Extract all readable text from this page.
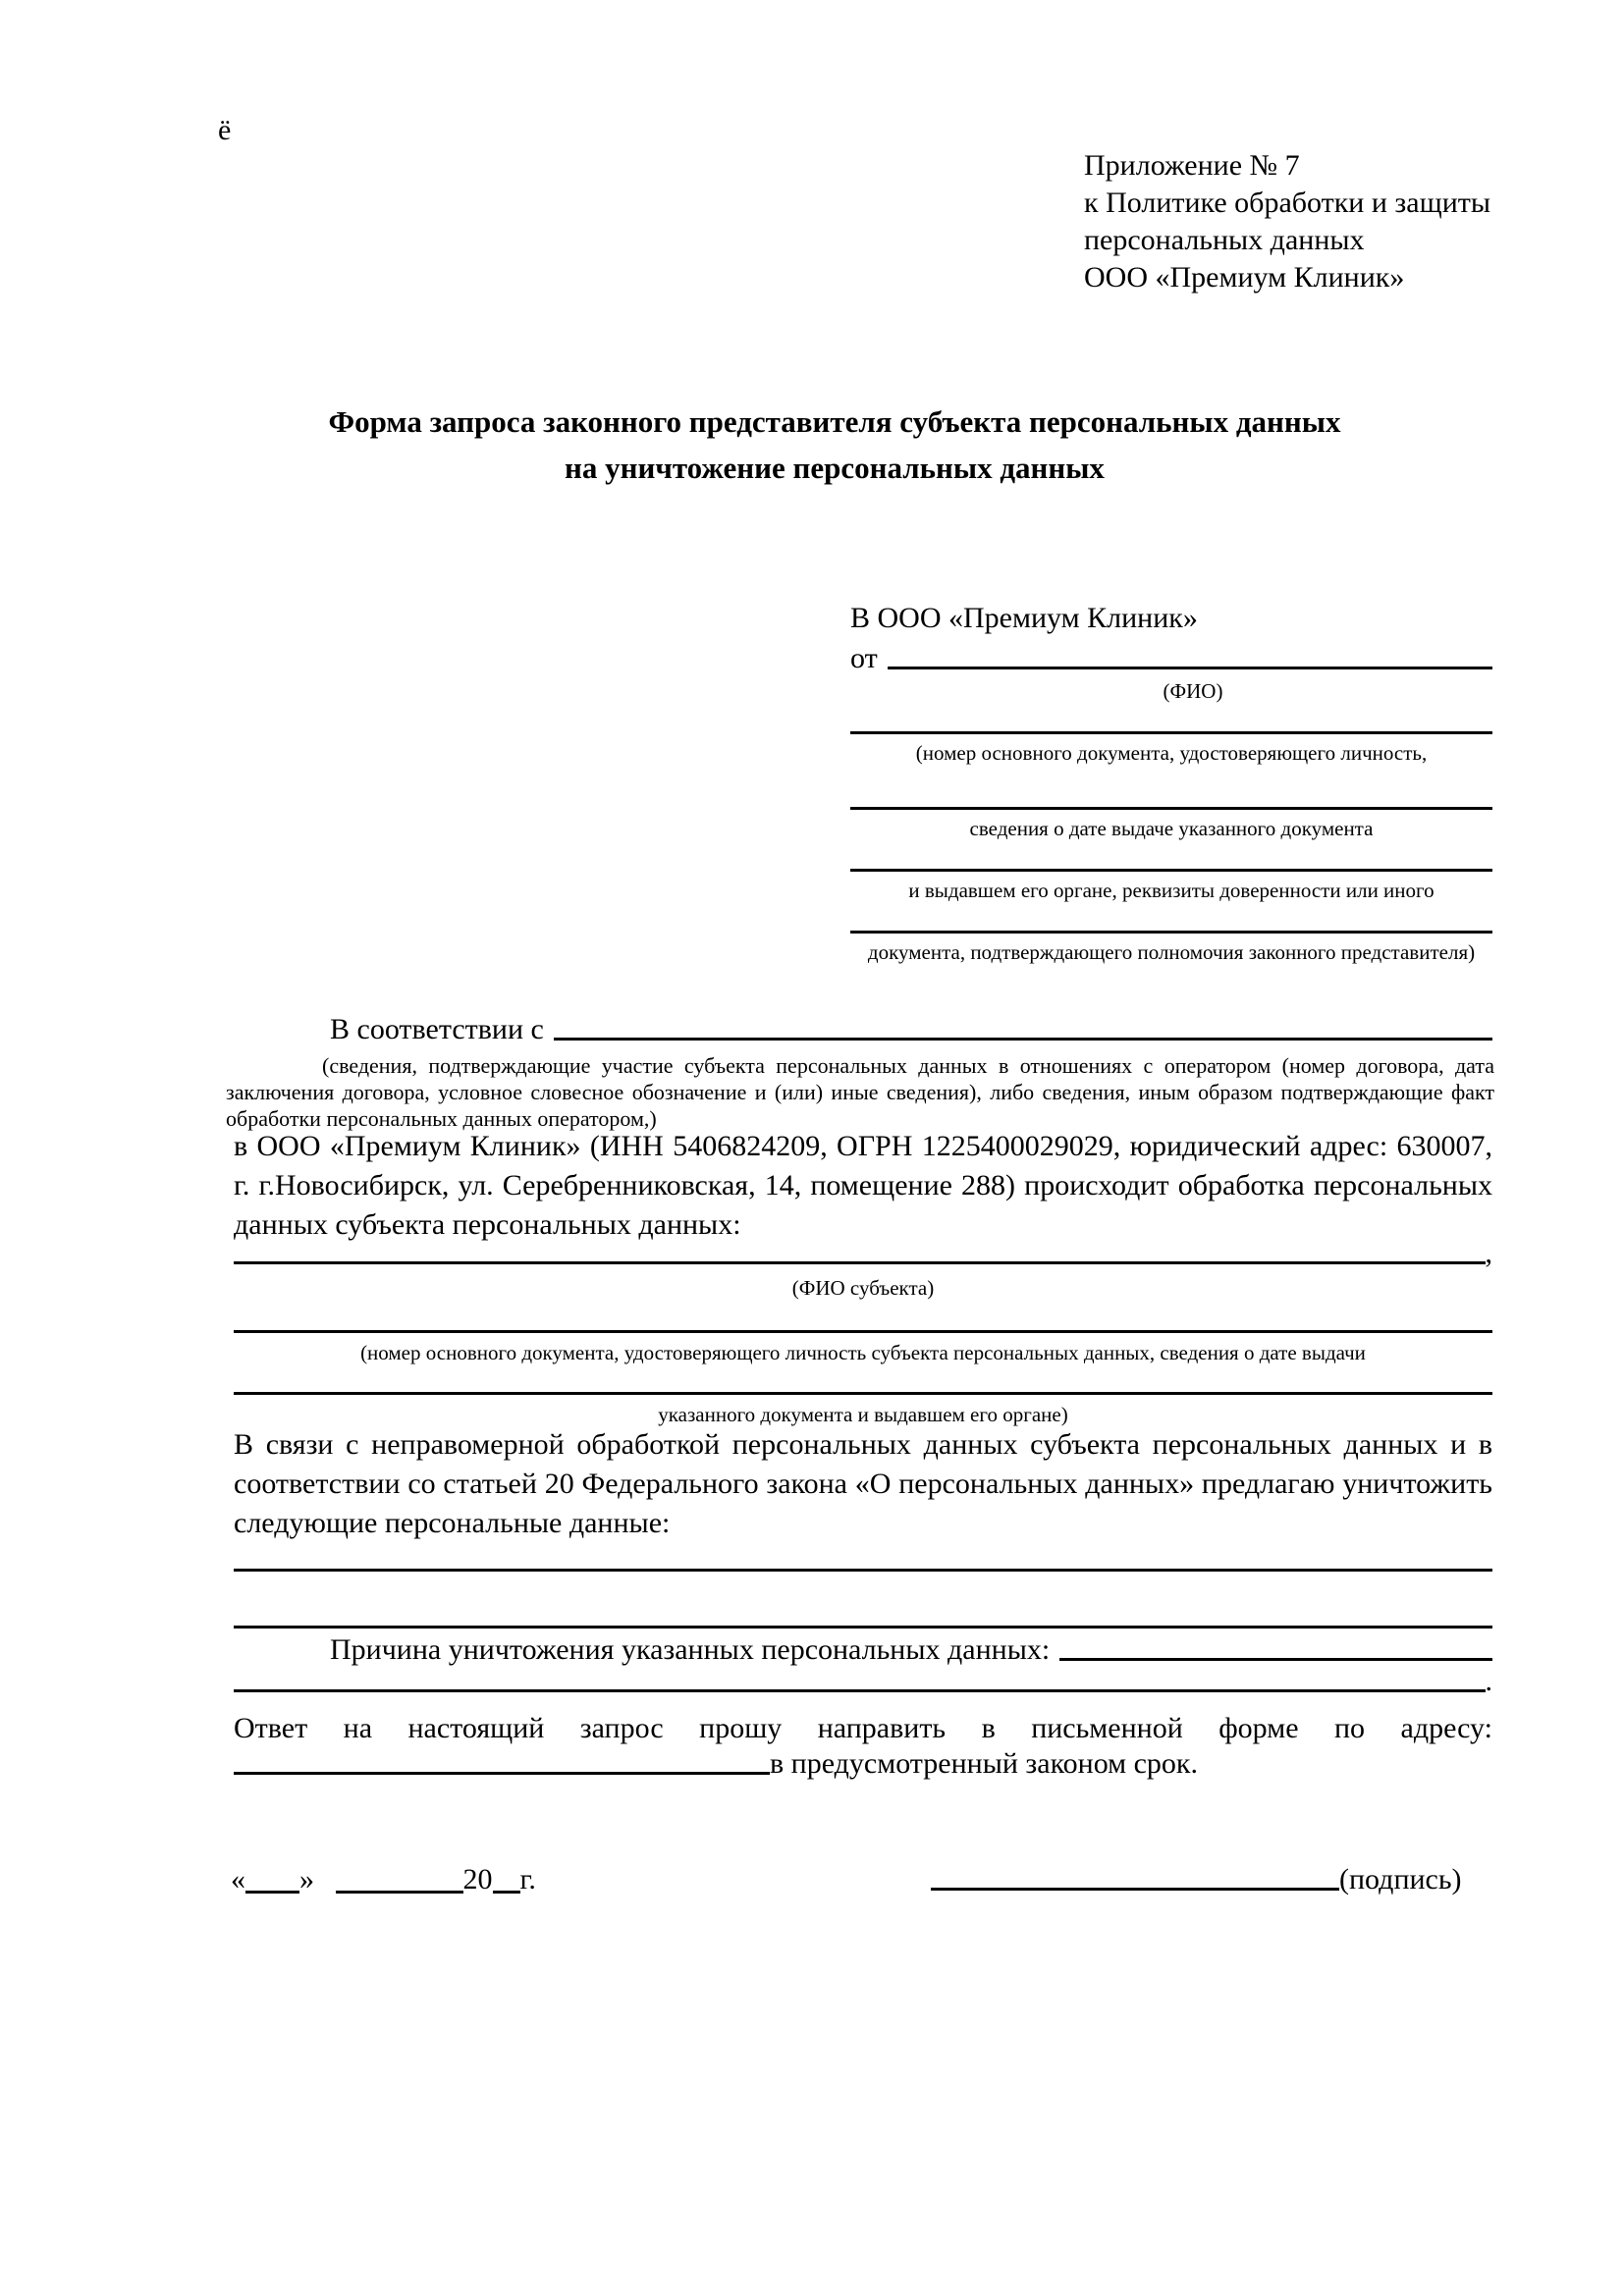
ё
Приложение № 7
к Политике обработки и защиты
персональных данных
ООО «Премиум Клиник»
Форма запроса законного представителя субъекта персональных данных
на уничтожение персональных данных
В ООО «Премиум Клиник»
от
(ФИО)
(номер основного документа, удостоверяющего личность,
сведения о дате выдаче указанного документа
и выдавшем его органе, реквизиты доверенности или иного
документа, подтверждающего полномочия законного представителя)
В соответствии с
(сведения, подтверждающие участие субъекта персональных данных в отношениях с оператором (номер договора, дата заключения договора, условное словесное обозначение и (или) иные сведения), либо сведения, иным образом подтверждающие факт обработки персональных данных оператором,)
в ООО «Премиум Клиник» (ИНН 5406824209, ОГРН 1225400029029, юридический адрес: 630007, г. г.Новосибирск, ул. Серебренниковская, 14, помещение 288) происходит обработка персональных данных субъекта персональных данных:
,
(ФИО субъекта)
(номер основного документа, удостоверяющего личность субъекта персональных данных, сведения о дате выдачи
указанного документа и выдавшем его органе)
В связи с неправомерной обработкой персональных данных субъекта персональных данных и в соответствии со статьей 20 Федерального закона «О персональных данных» предлагаю уничтожить следующие персональные данные:
Причина уничтожения указанных персональных данных:
.
Ответ на настоящий запрос прошу направить в письменной форме по адресу:
в предусмотренный законом срок.
« »	20 г.	(подпись)
